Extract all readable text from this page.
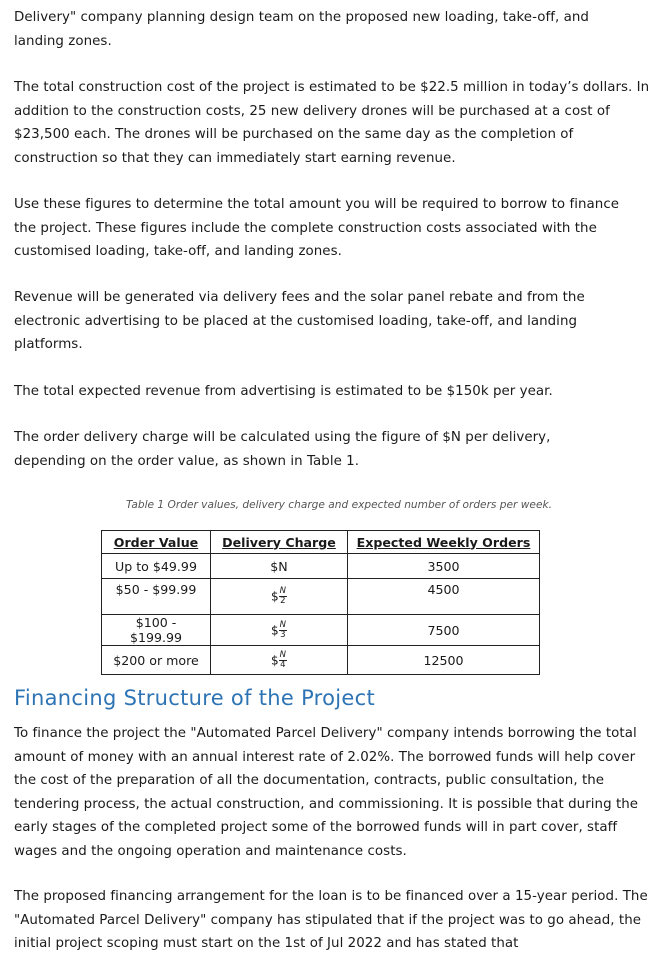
Delivery" company planning design team on the proposed new loading, take-off, and landing zones.

The total construction cost of the project is estimated to be $22.5 million in today’s dollars. In addition to the construction costs, 25 new delivery drones will be purchased at a cost of $23,500 each. The drones will be purchased on the same day as the completion of construction so that they can immediately start earning revenue.

Use these figures to determine the total amount you will be required to borrow to finance the project. These figures include the complete construction costs associated with the customised loading, take-off, and landing zones.

Revenue will be generated via delivery fees and the solar panel rebate and from the electronic advertising to be placed at the customised loading, take-off, and landing platforms.

The total expected revenue from advertising is estimated to be $150k per year.

The order delivery charge will be calculated using the figure of $N per delivery, depending on the order value, as shown in Table 1.

Table 1 Order values, delivery charge and expected number of orders per week.

Order Value	Delivery Charge	Expected Weekly Orders
Up to $49.99	$N	3500
$50 - $99.99	$ $\frac{N}{2}$	4500
$100 - $199.99	$ $\frac{N}{3}$	7500
$200 or more	$ $\frac{N}{4}$	12500
Financing Structure of the Project

To finance the project the "Automated Parcel Delivery" company intends borrowing the total amount of money with an annual interest rate of 2.02%. The borrowed funds will help cover the cost of the preparation of all the documentation, contracts, public consultation, the tendering process, the actual construction, and commissioning. It is possible that during the early stages of the completed project some of the borrowed funds will in part cover, staff wages and the ongoing operation and maintenance costs.

The proposed financing arrangement for the loan is to be financed over a 15-year period. The "Automated Parcel Delivery" company has stipulated that if the project was to go ahead, the initial project scoping must start on the 1st of Jul 2022 and has stated that
